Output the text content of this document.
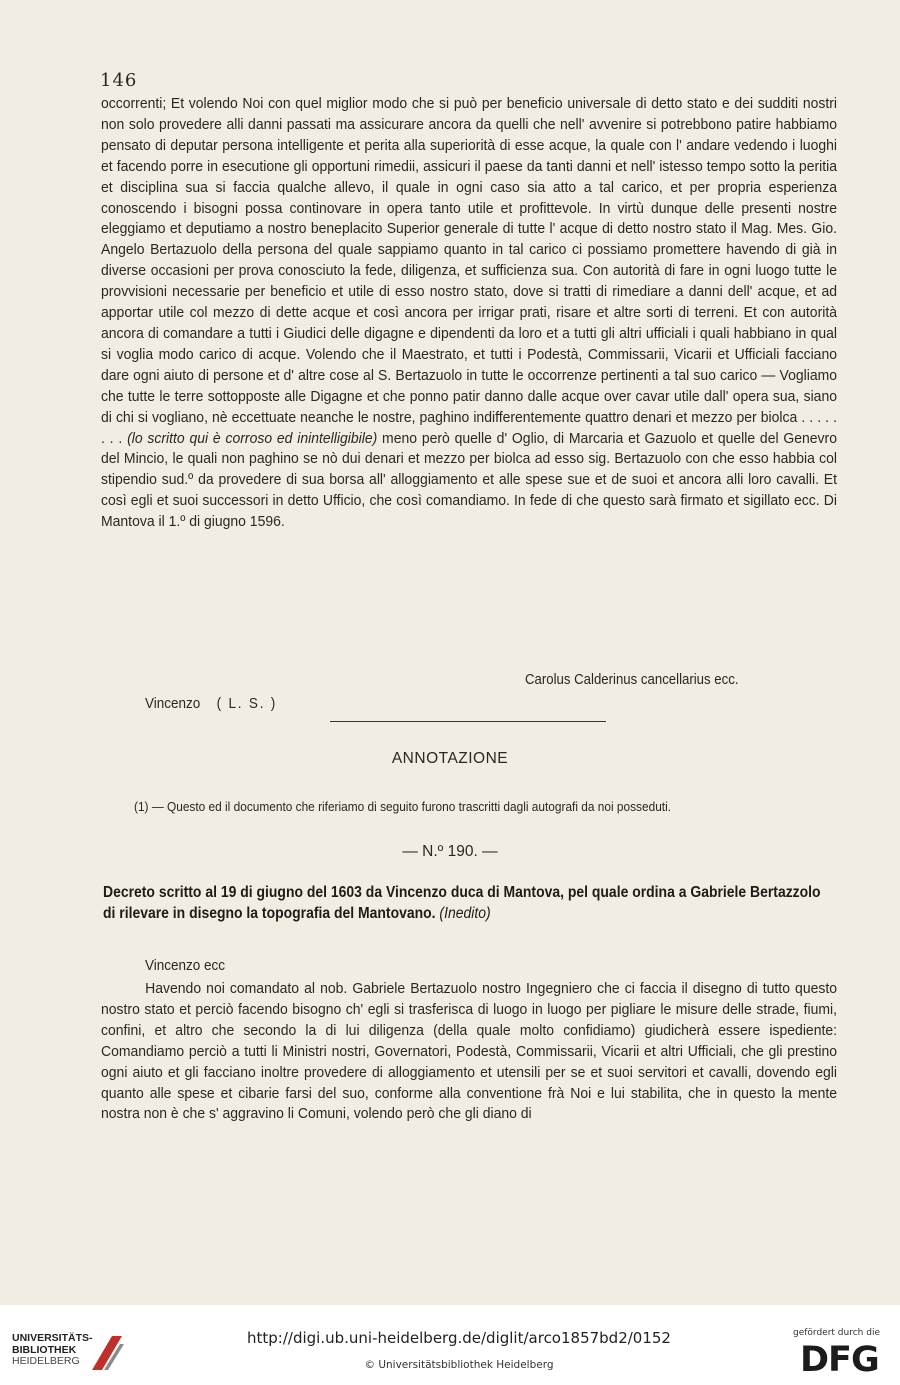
146

occorrenti; Et volendo Noi con quel miglior modo che si può per beneficio universale di detto stato e dei sudditi nostri non solo provedere alli danni passati ma assicurare ancora da quelli che nell' avvenire si potrebbono patire habbiamo pensato di deputar persona intelligente et perita alla superiorità di esse acque, la quale con l' andare vedendo i luoghi et facendo porre in esecutione gli opportuni rimedii, assicuri il paese da tanti danni et nell' istesso tempo sotto la peritia et disciplina sua si faccia qualche allevo, il quale in ogni caso sia atto a tal carico, et per propria esperienza conoscendo i bisogni possa continovare in opera tanto utile et profittevole. In virtù dunque delle presenti nostre eleggiamo et deputiamo a nostro beneplacito Superior generale di tutte l' acque di detto nostro stato il Mag. Mes. Gio. Angelo Bertazuolo della persona del quale sappiamo quanto in tal carico ci possiamo promettere havendo di già in diverse occasioni per prova conosciuto la fede, diligenza, et sufficienza sua. Con autorità di fare in ogni luogo tutte le provvisioni necessarie per beneficio et utile di esso nostro stato, dove si tratti di rimediare a danni dell' acque, et ad apportar utile col mezzo di dette acque et così ancora per irrigar prati, risare et altre sorti di terreni. Et con autorità ancora di comandare a tutti i Giudici delle digagne e dipendenti da loro et a tutti gli altri ufficiali i quali habbiano in qual si voglia modo carico di acque. Volendo che il Maestrato, et tutti i Podestà, Commissarii, Vicarii et Ufficiali facciano dare ogni aiuto di persone et d' altre cose al S. Bertazuolo in tutte le occorrenze pertinenti a tal suo carico — Vogliamo che tutte le terre sottopposte alle Digagne et che ponno patir danno dalle acque over cavar utile dall' opera sua, siano di chi si vogliano, nè eccettuate neanche le nostre, paghino indifferentemente quattro denari et mezzo per biolca . . . . . . . . (lo scritto qui è corroso ed inintelligibile) meno però quelle d' Oglio, di Marcaria et Gazuolo et quelle del Genevro del Mincio, le quali non paghino se nò dui denari et mezzo per biolca ad esso sig. Bertazuolo con che esso habbia col stipendio sud.º da provedere di sua borsa all' alloggiamento et alle spese sue et de suoi et ancora alli loro cavalli. Et così egli et suoi successori in detto Ufficio, che così comandiamo. In fede di che questo sarà firmato et sigillato ecc. Di Mantova il 1.º di giugno 1596.

Carolus Calderinus cancellarius ecc.
Vincenzo ( L. S. )
ANNOTAZIONE
(1) — Questo ed il documento che riferiamo di seguito furono trascritti dagli autografi da noi posseduti.
— N.º 190. —
Decreto scritto al 19 di giugno del 1603 da Vincenzo duca di Mantova, pel quale ordina a Gabriele Bertazzolo di rilevare in disegno la topografia del Mantovano. (Inedito)
Vincenzo ecc

Havendo noi comandato al nob. Gabriele Bertazuolo nostro Ingegniero che ci faccia il disegno di tutto questo nostro stato et perciò facendo bisogno ch' egli si trasferisca di luogo in luogo per pigliare le misure delle strade, fiumi, confini, et altro che secondo la di lui diligenza (della quale molto confidiamo) giudicherà essere ispediente: Comandiamo perciò a tutti li Ministri nostri, Governatori, Podestà, Commissarii, Vicarii et altri Ufficiali, che gli prestino ogni aiuto et gli facciano inoltre provedere di alloggiamento et utensili per se et suoi servitori et cavalli, dovendo egli quanto alle spese et cibarie farsi del suo, conforme alla conventione frà Noi e lui stabilita, che in questo la mente nostra non è che s' aggravino li Comuni, volendo però che gli diano di

UNIVERSITÄTS-
BIBLIOTHEK
HEIDELBERG
http://digi.ub.uni-heidelberg.de/diglit/arco1857bd2/0152
© Universitätsbibliothek Heidelberg
gefördert durch die
DFG
